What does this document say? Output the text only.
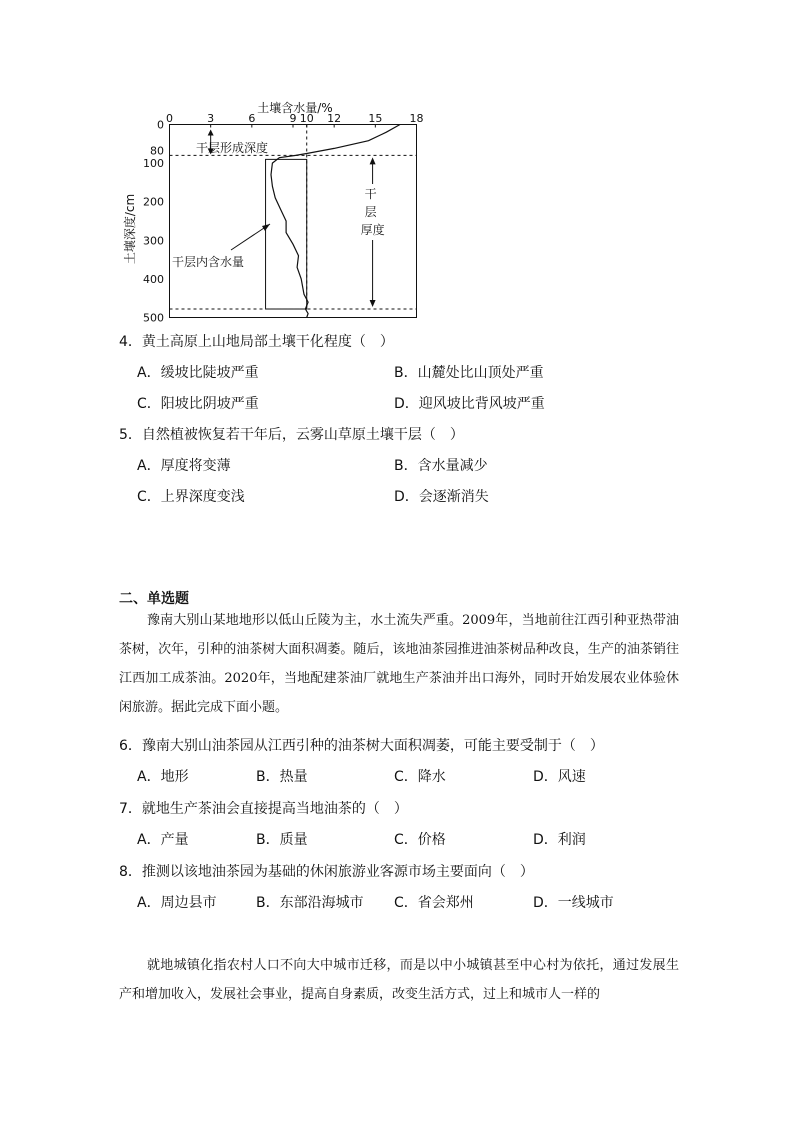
土壤含水量/%
0	3	6	9 10 12 15 18
0
80
100
200
300
400
500
土壤深度/cm
干层形成深度
干 层 厚度
干层内含水量
4．黄土高原上山地局部土壤干化程度（　）
A．缓坡比陡坡严重	B．山麓处比山顶处严重
C．阳坡比阴坡严重	D．迎风坡比背风坡严重
5．自然植被恢复若干年后，云雾山草原土壤干层（　）
A．厚度将变薄	B．含水量减少
C．上界深度变浅	D．会逐渐消失
二、单选题

豫南大别山某地地形以低山丘陵为主，水土流失严重。2009年，当地前往江西引种亚热带油茶树，次年，引种的油茶树大面积凋萎。随后，该地油茶园推进油茶树品种改良，生产的油茶销往江西加工成茶油。2020年，当地配建茶油厂就地生产茶油并出口海外，同时开始发展农业体验休闲旅游。据此完成下面小题。

6．豫南大别山油茶园从江西引种的油茶树大面积凋萎，可能主要受制于（　）
A．地形	B．热量	C．降水	D．风速
7．就地生产茶油会直接提高当地油茶的（　）
A．产量	B．质量	C．价格	D．利润
8．推测以该地油茶园为基础的休闲旅游业客源市场主要面向（　）
A．周边县市	B．东部沿海城市 C．省会郑州	D．一线城市

就地城镇化指农村人口不向大中城市迁移，而是以中小城镇甚至中心村为依托，通过发展生产和增加收入，发展社会事业，提高自身素质，改变生活方式，过上和城市人一样的
